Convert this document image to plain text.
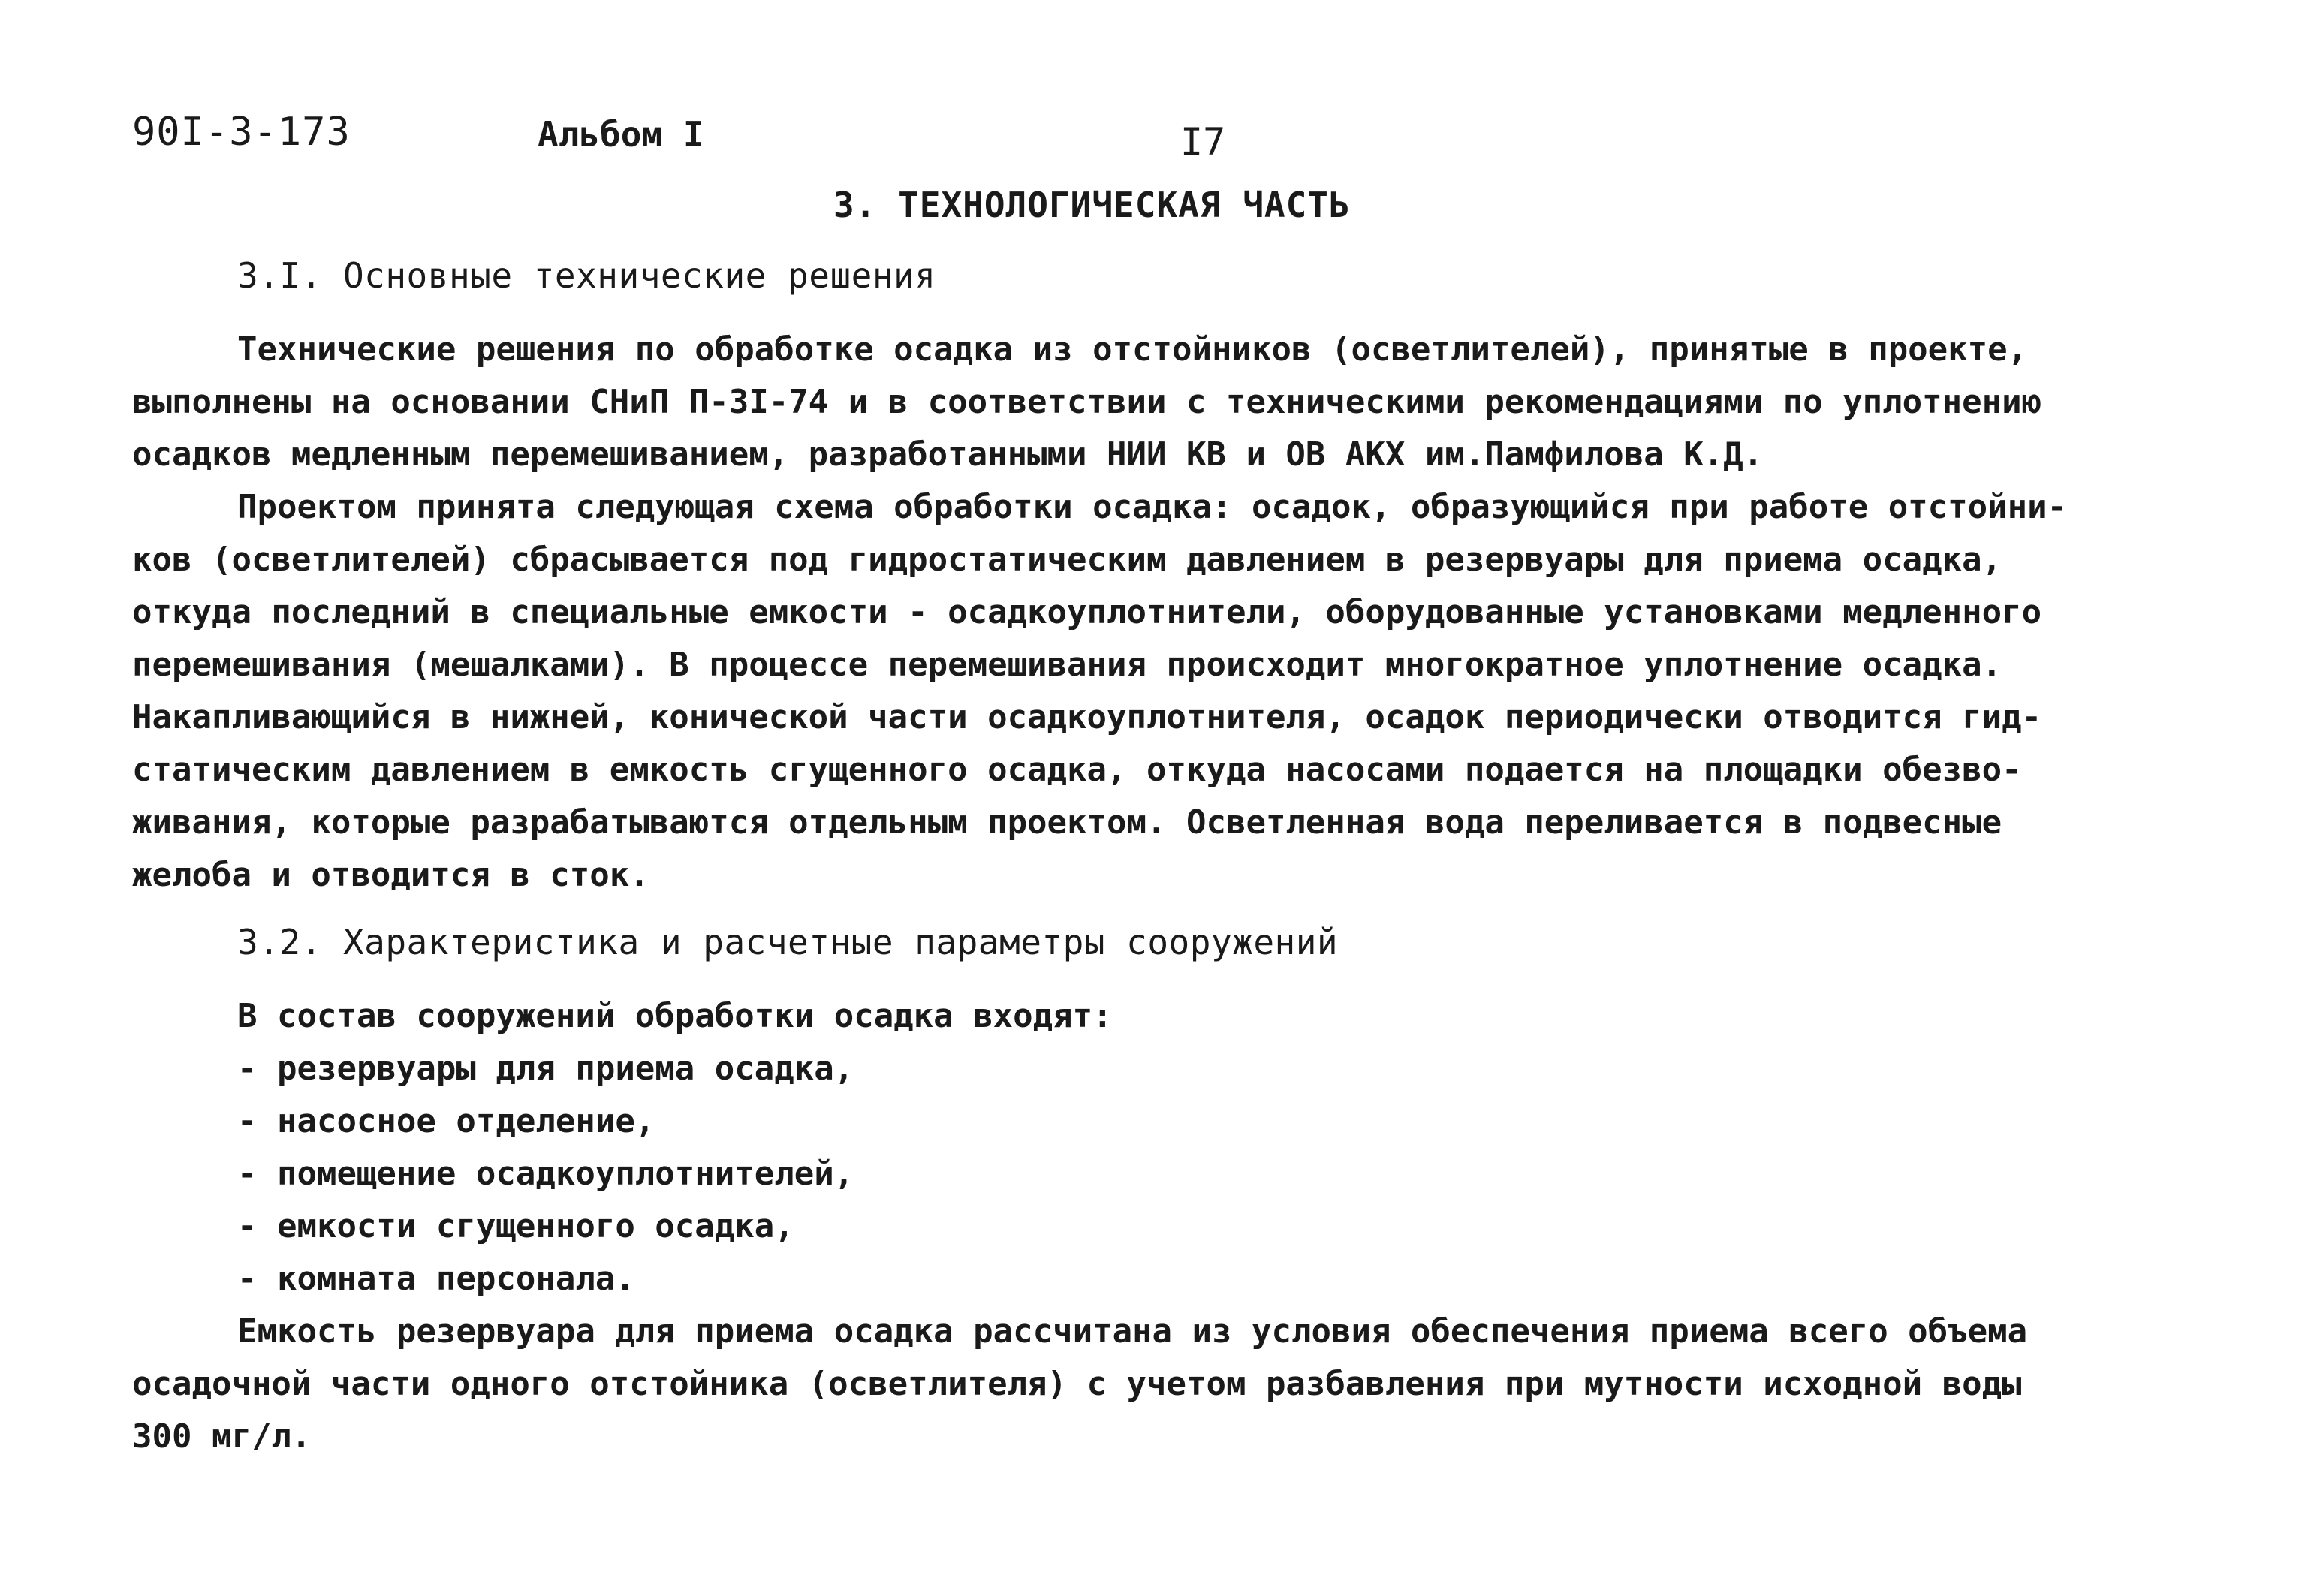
90I-3-173	Альбом I	I7
3. ТЕХНОЛОГИЧЕСКАЯ ЧАСТЬ
3.I. Основные технические решения
Технические решения по обработке осадка из отстойников (осветлителей), принятые в проекте,
выполнены на основании СНиП П-3I-74 и в соответствии с техническими рекомендациями по уплотнению
осадков медленным перемешиванием, разработанными НИИ КВ и ОВ АКХ им.Памфилова К.Д.
Проектом принята следующая схема обработки осадка: осадок, образующийся при работе отстойни-
ков (осветлителей) сбрасывается под гидростатическим давлением в резервуары для приема осадка,
откуда последний в специальные емкости - осадкоуплотнители, оборудованные установками медленного
перемешивания (мешалками). В процессе перемешивания происходит многократное уплотнение осадка.
Накапливающийся в нижней, конической части осадкоуплотнителя, осадок периодически отводится гид-
статическим давлением в емкость сгущенного осадка, откуда насосами подается на площадки обезво-
живания, которые разрабатываются отдельным проектом. Осветленная вода переливается в подвесные
желоба и отводится в сток.
3.2. Характеристика и расчетные параметры сооружений
В состав сооружений обработки осадка входят:
- резервуары для приема осадка,
- насосное отделение,
- помещение осадкоуплотнителей,
- емкости сгущенного осадка,
- комната персонала.
Емкость резервуара для приема осадка рассчитана из условия обеспечения приема всего объема
осадочной части одного отстойника (осветлителя) с учетом разбавления при мутности исходной воды
300 мг/л.
